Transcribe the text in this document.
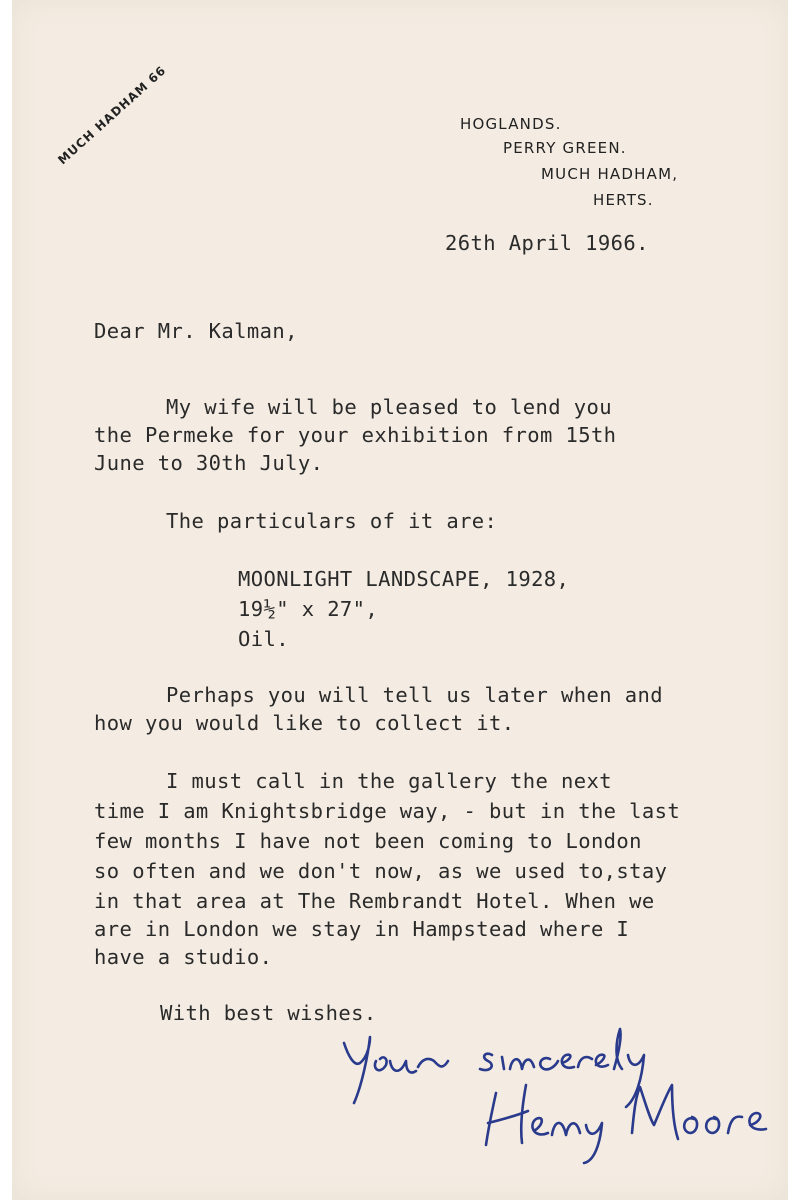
MUCH HADHAM 66	HOGLANDS.
PERRY GREEN.
MUCH HADHAM,
HERTS.

26th April 1966.

Dear Mr. Kalman,

My wife will be pleased to lend you

the Permeke for your exhibition from 15th

June to 30th July.

The particulars of it are:

MOONLIGHT LANDSCAPE, 1928,

19½" x 27",

Oil.

Perhaps you will tell us later when and

how you would like to collect it.

I must call in the gallery the next

time I am Knightsbridge way, - but in the last

few months I have not been coming to London

so often and we don't now, as we used to,stay

in that area at The Rembrandt Hotel. When we

are in London we stay in Hampstead where I

have a studio.

With best wishes.
